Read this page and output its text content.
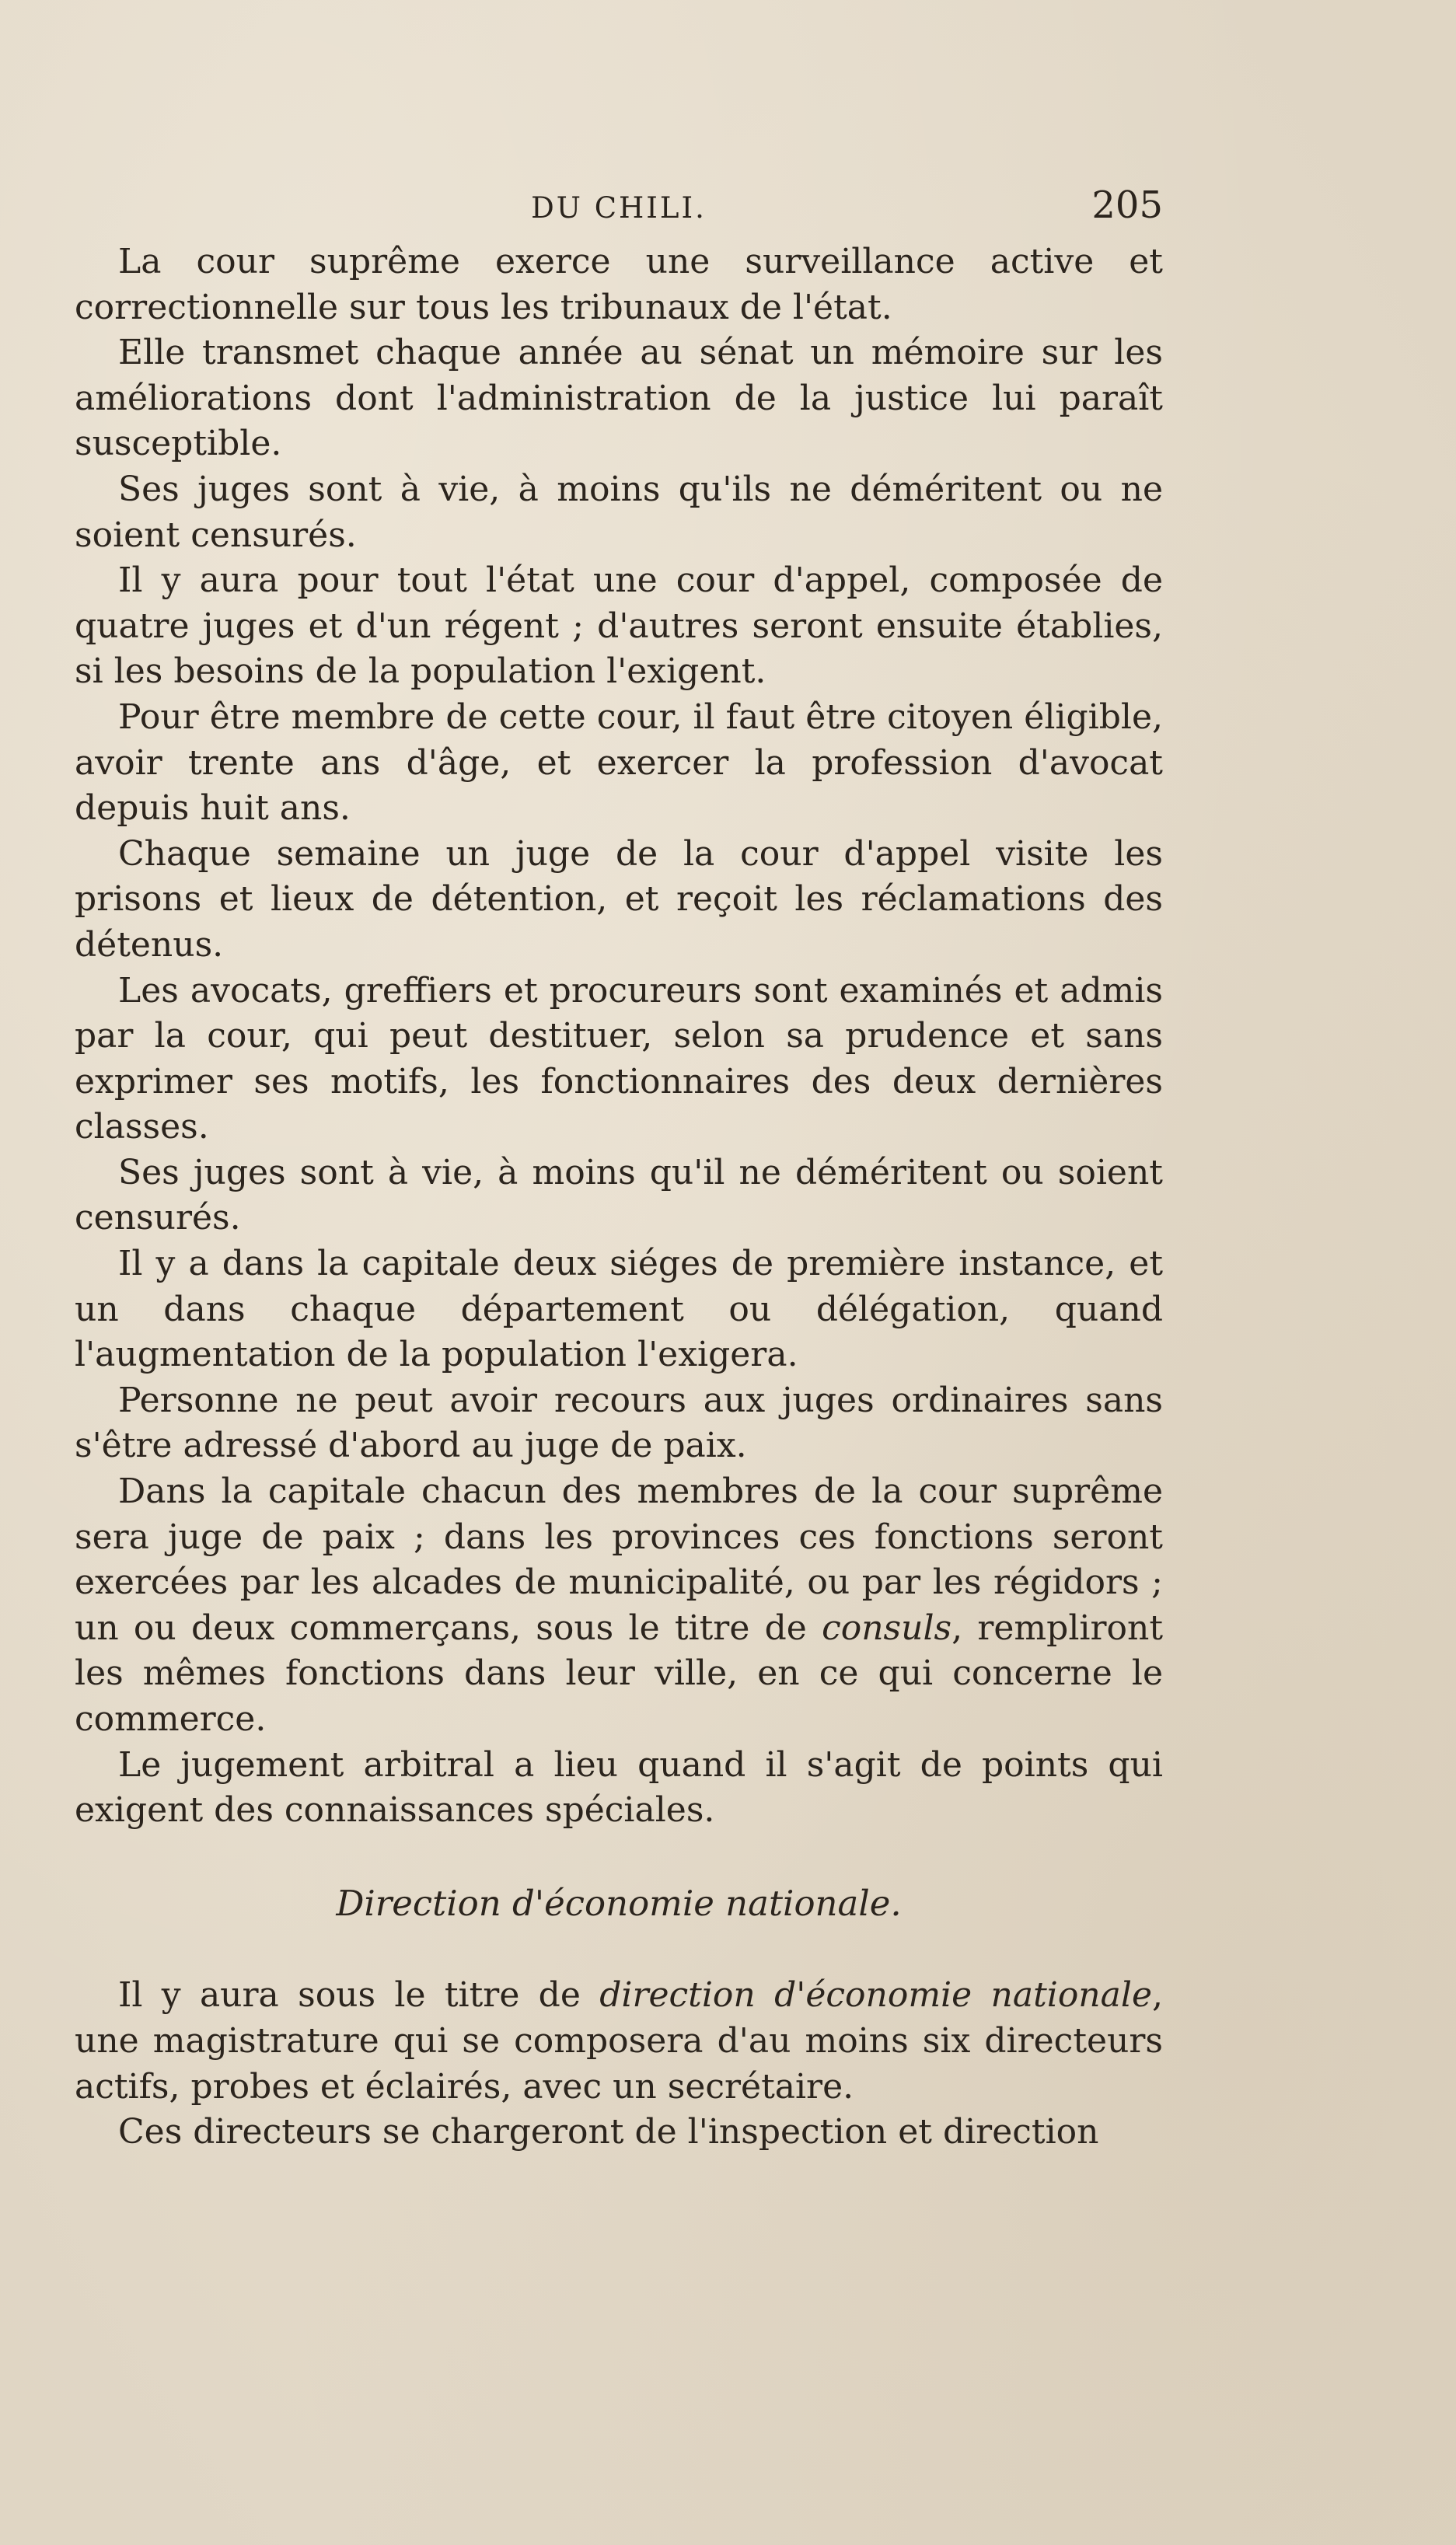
DU CHILI.	205

La cour suprême exerce une surveillance active et correctionnelle sur tous les tribunaux de l'état.

Elle transmet chaque année au sénat un mémoire sur les améliorations dont l'administration de la justice lui paraît susceptible.

Ses juges sont à vie, à moins qu'ils ne déméritent ou ne soient censurés.

Il y aura pour tout l'état une cour d'appel, composée de quatre juges et d'un régent ; d'autres seront ensuite établies, si les besoins de la population l'exigent.

Pour être membre de cette cour, il faut être citoyen éligible, avoir trente ans d'âge, et exercer la profession d'avocat depuis huit ans.

Chaque semaine un juge de la cour d'appel visite les prisons et lieux de détention, et reçoit les réclamations des détenus.

Les avocats, greffiers et procureurs sont examinés et admis par la cour, qui peut destituer, selon sa prudence et sans exprimer ses motifs, les fonctionnaires des deux dernières classes.

Ses juges sont à vie, à moins qu'il ne déméritent ou soient censurés.

Il y a dans la capitale deux siéges de première instance, et un dans chaque département ou délégation, quand l'augmentation de la population l'exigera.

Personne ne peut avoir recours aux juges ordinaires sans s'être adressé d'abord au juge de paix.

Dans la capitale chacun des membres de la cour suprême sera juge de paix ; dans les provinces ces fonctions seront exercées par les alcades de municipalité, ou par les régidors ; un ou deux commerçans, sous le titre de consuls, rempliront les mêmes fonctions dans leur ville, en ce qui concerne le commerce.

Le jugement arbitral a lieu quand il s'agit de points qui exigent des connaissances spéciales.

Direction d'économie nationale.

Il y aura sous le titre de direction d'économie nationale, une magistrature qui se composera d'au moins six directeurs actifs, probes et éclairés, avec un secrétaire.

Ces directeurs se chargeront de l'inspection et direction
